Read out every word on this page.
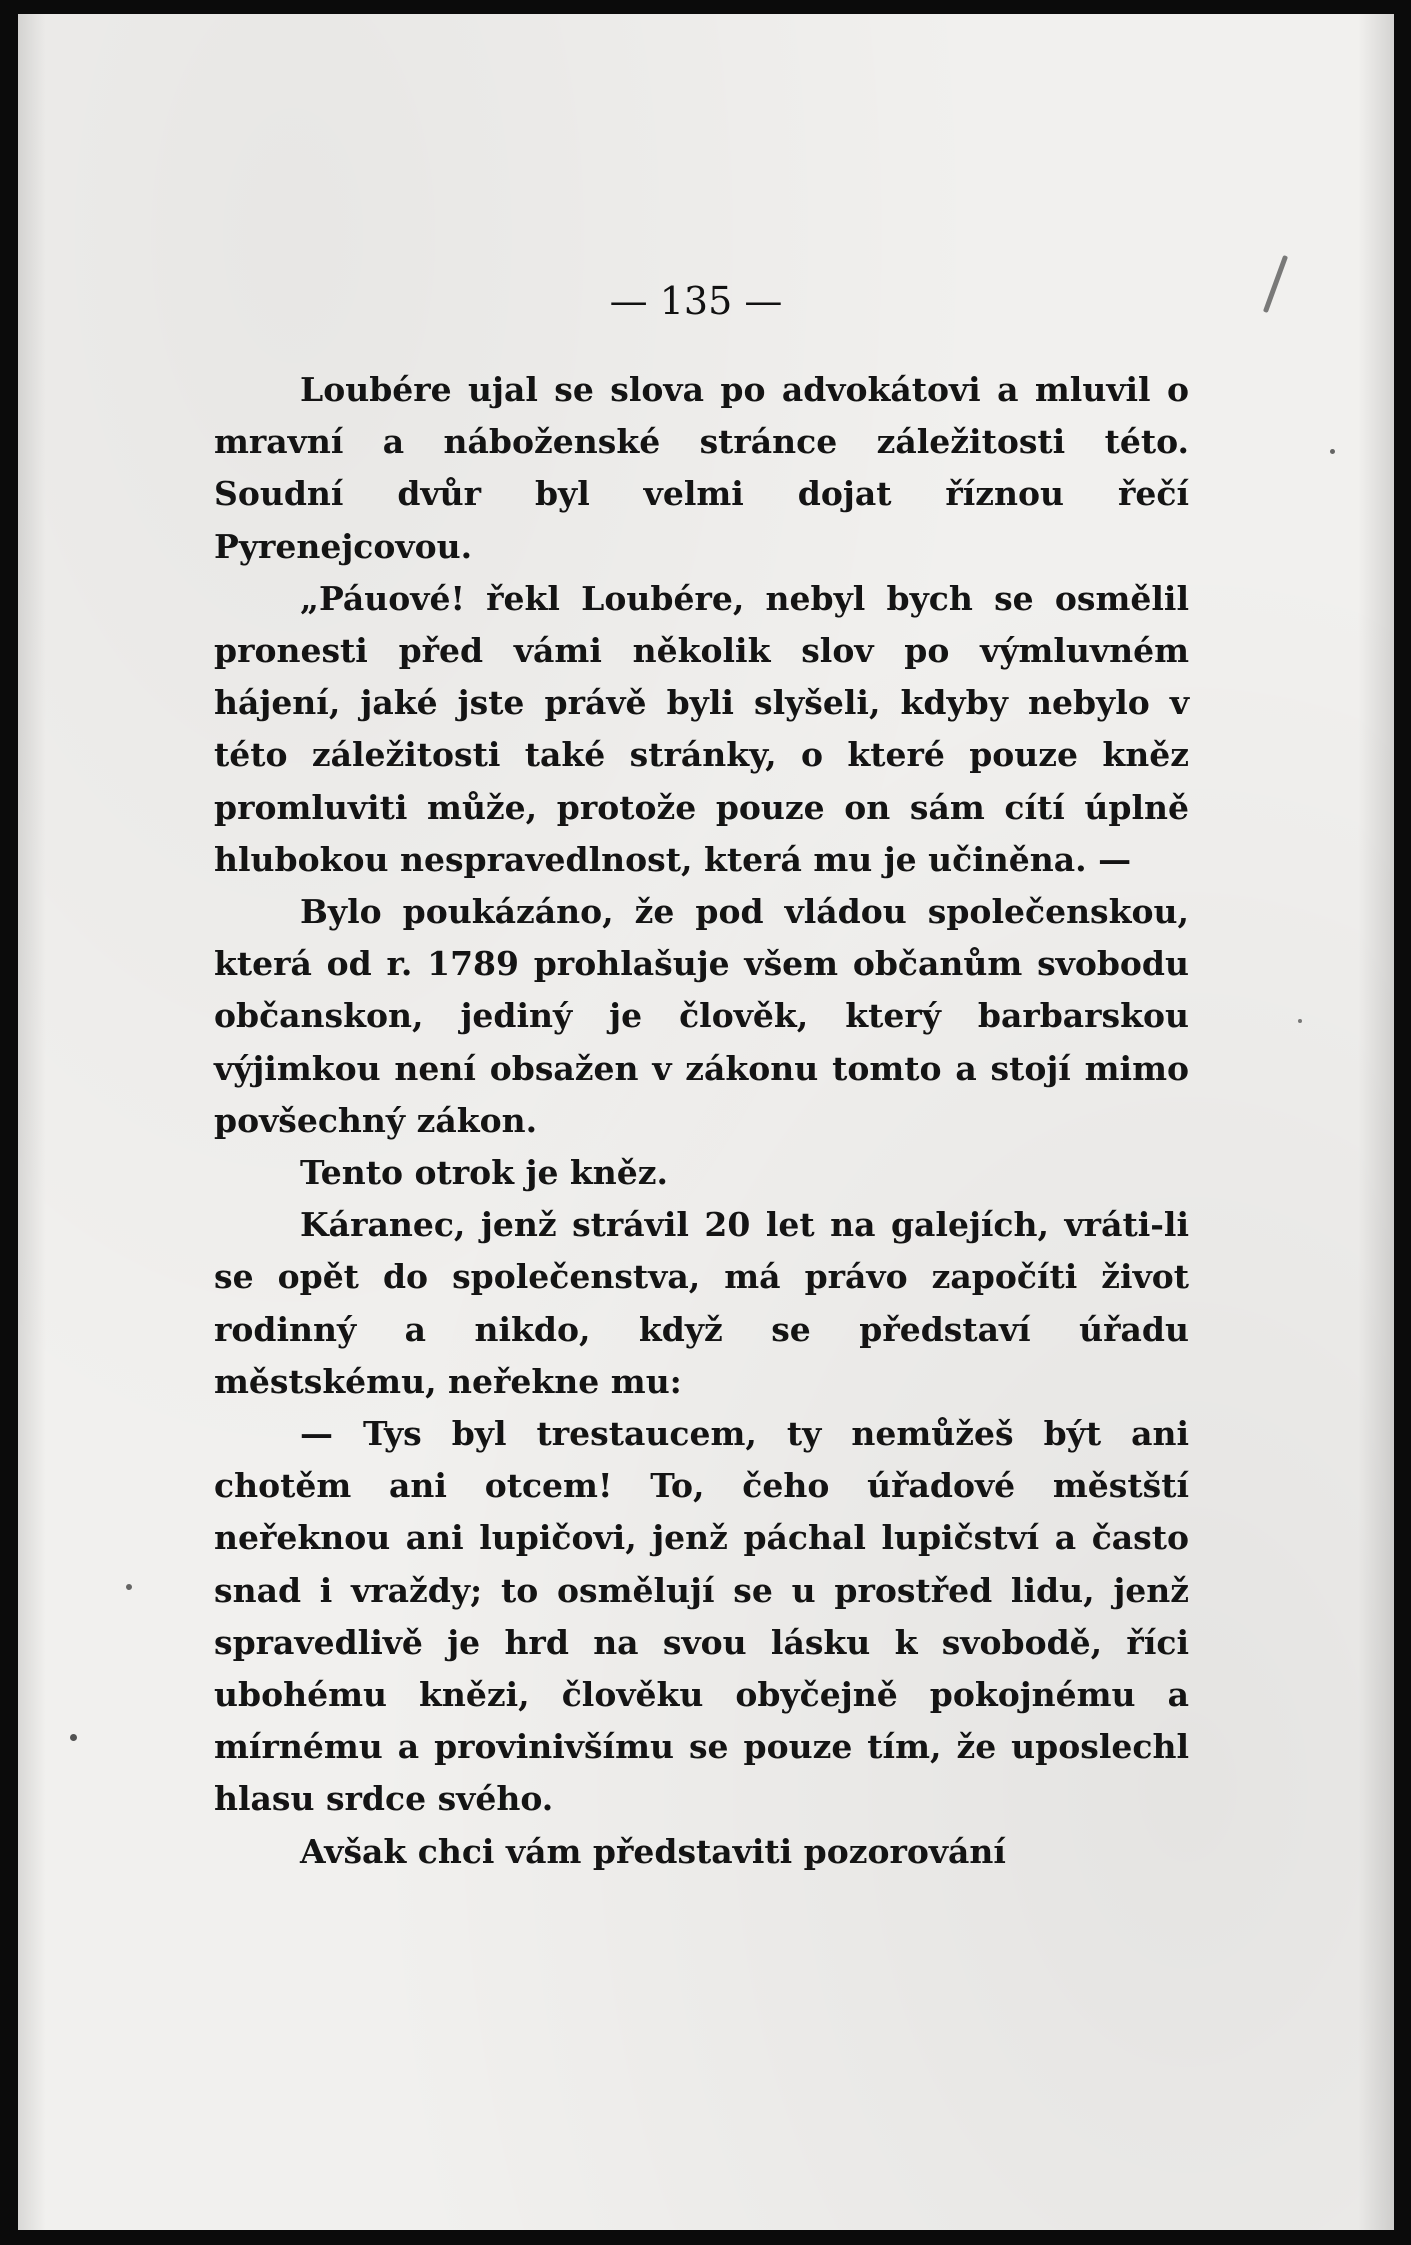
— 135 —

Loubére ujal se slova po advokátovi a mluvil o mravní a náboženské stránce záležitosti této. Soudní dvůr byl velmi dojat říznou řečí Pyrenejcovou.

„Páuové! řekl Loubére, nebyl bych se osmělil pronesti před vámi několik slov po výmluvném hájení, jaké jste právě byli slyšeli, kdyby nebylo v této záležitosti také stránky, o které pouze kněz promluviti může, protože pouze on sám cítí úplně hlubokou nespravedlnost, která mu je učiněna. —

Bylo poukázáno, že pod vládou společenskou, která od r. 1789 prohlašuje všem občanům svobodu občanskon, jediný je člověk, který barbarskou výjimkou není obsažen v zákonu tomto a stojí mimo povšechný zákon.

Tento otrok je kněz.

Káranec, jenž strávil 20 let na galejích, vráti-li se opět do společenstva, má právo započíti život rodinný a nikdo, když se představí úřadu městskému, neřekne mu:

— Tys byl trestaucem, ty nemůžeš být ani chotěm ani otcem! To, čeho úřadové městští neřeknou ani lupičovi, jenž páchal lupičství a často snad i vraždy; to osmělují se u prostřed lidu, jenž spravedlivě je hrd na svou lásku k svobodě, říci ubohému knězi, člověku obyčejně pokojnému a mírnému a provinivšímu se pouze tím, že uposlechl hlasu srdce svého.

Avšak chci vám představiti pozorování
